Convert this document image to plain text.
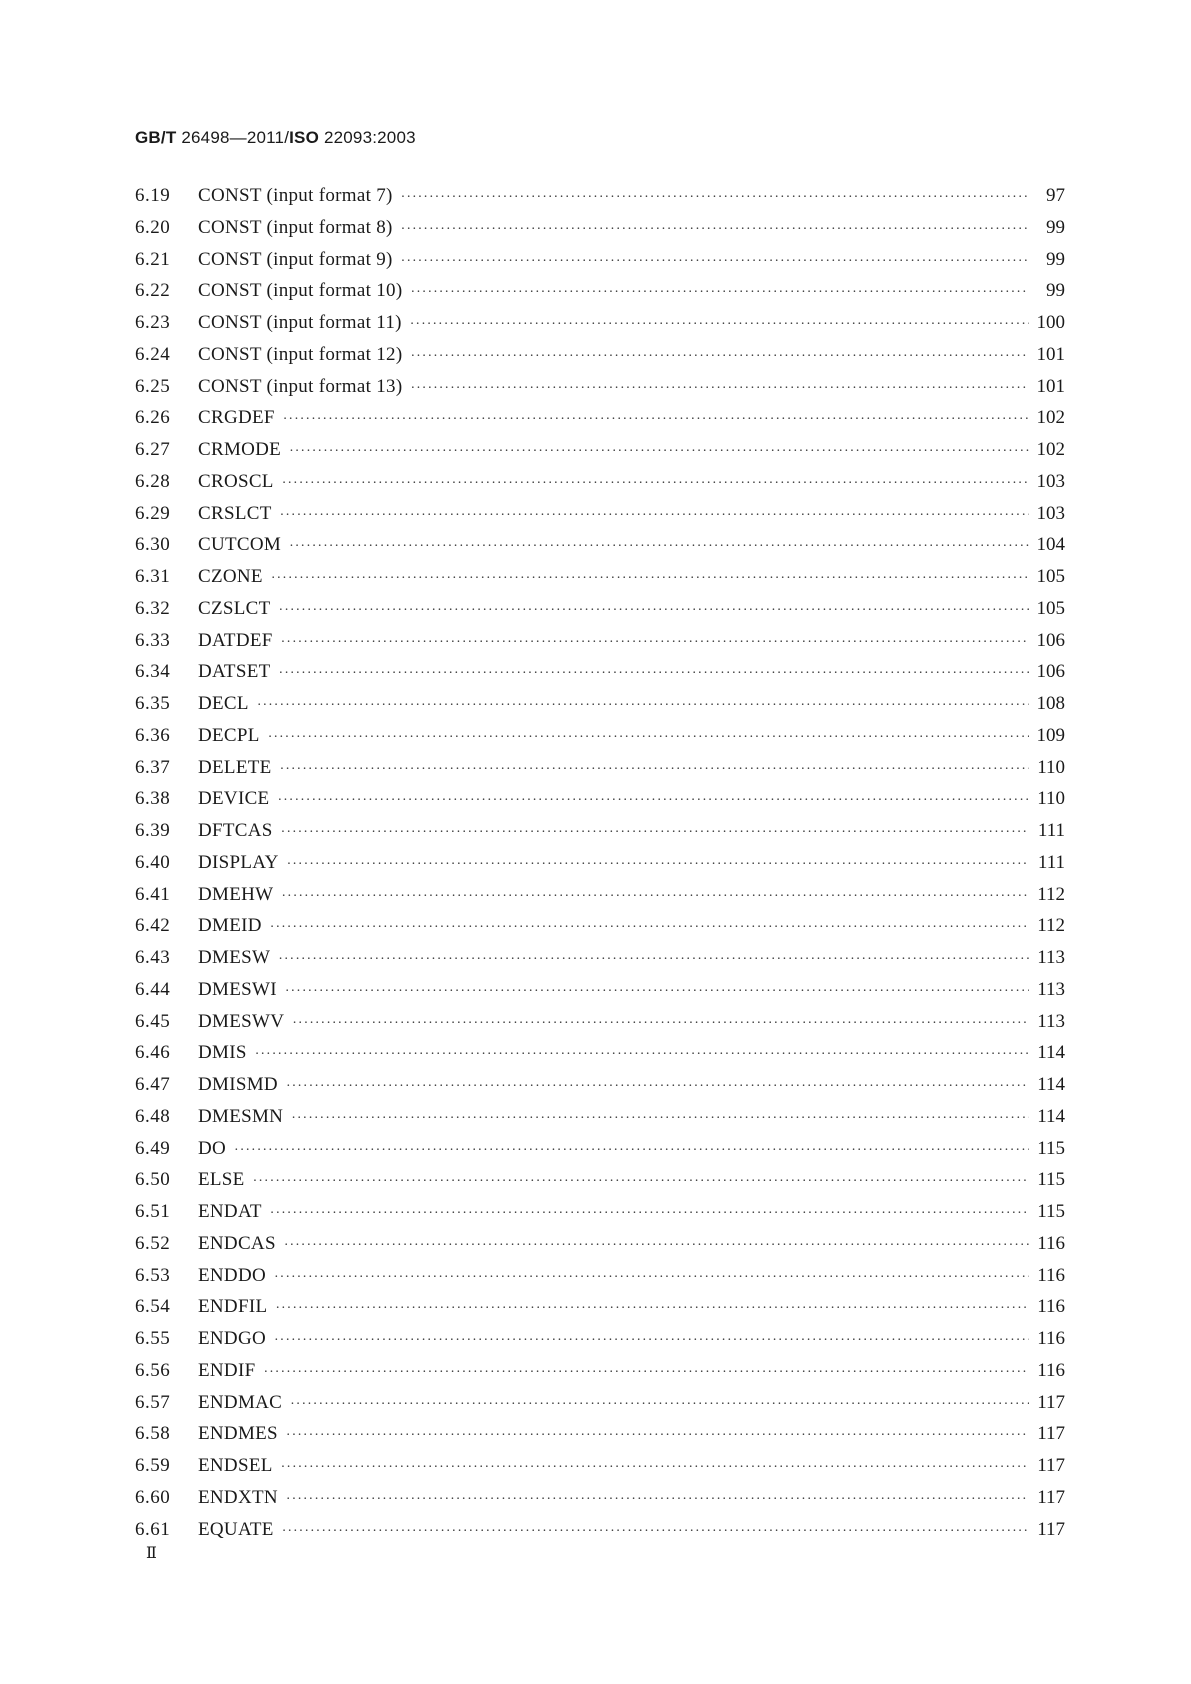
GB/T 26498—2011/ISO 22093:2003
6.19	CONST (input format 7) ·····	97
6.20	CONST (input format 8) ·····	99
6.21	CONST (input format 9) ·····	99
6.22	CONST (input format 10) ·····	99
6.23	CONST (input format 11) ·····	100
6.24	CONST (input format 12) ·····	101
6.25	CONST (input format 13) ·····	101
6.26	CRGDEF ·····	102
6.27	CRMODE ·····	102
6.28	CROSCL ·····	103
6.29	CRSLCT ·····	103
6.30	CUTCOM ·····	104
6.31	CZONE ·····	105
6.32	CZSLCT ·····	105
6.33	DATDEF ·····	106
6.34	DATSET ·····	106
6.35	DECL ·····	108
6.36	DECPL ·····	109
6.37	DELETE ·····	110
6.38	DEVICE ·····	110
6.39	DFTCAS ·····	111
6.40	DISPLAY ·····	111
6.41	DMEHW ·····	112
6.42	DMEID ·····	112
6.43	DMESW ·····	113
6.44	DMESWI ·····	113
6.45	DMESWV ·····	113
6.46	DMIS ·····	114
6.47	DMISMD ·····	114
6.48	DMESMN ·····	114
6.49	DO ·····	115
6.50	ELSE ·····	115
6.51	ENDAT ·····	115
6.52	ENDCAS ·····	116
6.53	ENDDO ·····	116
6.54	ENDFIL ·····	116
6.55	ENDGO ·····	116
6.56	ENDIF ·····	116
6.57	ENDMAC ·····	117
6.58	ENDMES ·····	117
6.59	ENDSEL ·····	117
6.60	ENDXTN ·····	117
6.61	EQUATE ·····	117
Ⅱ
